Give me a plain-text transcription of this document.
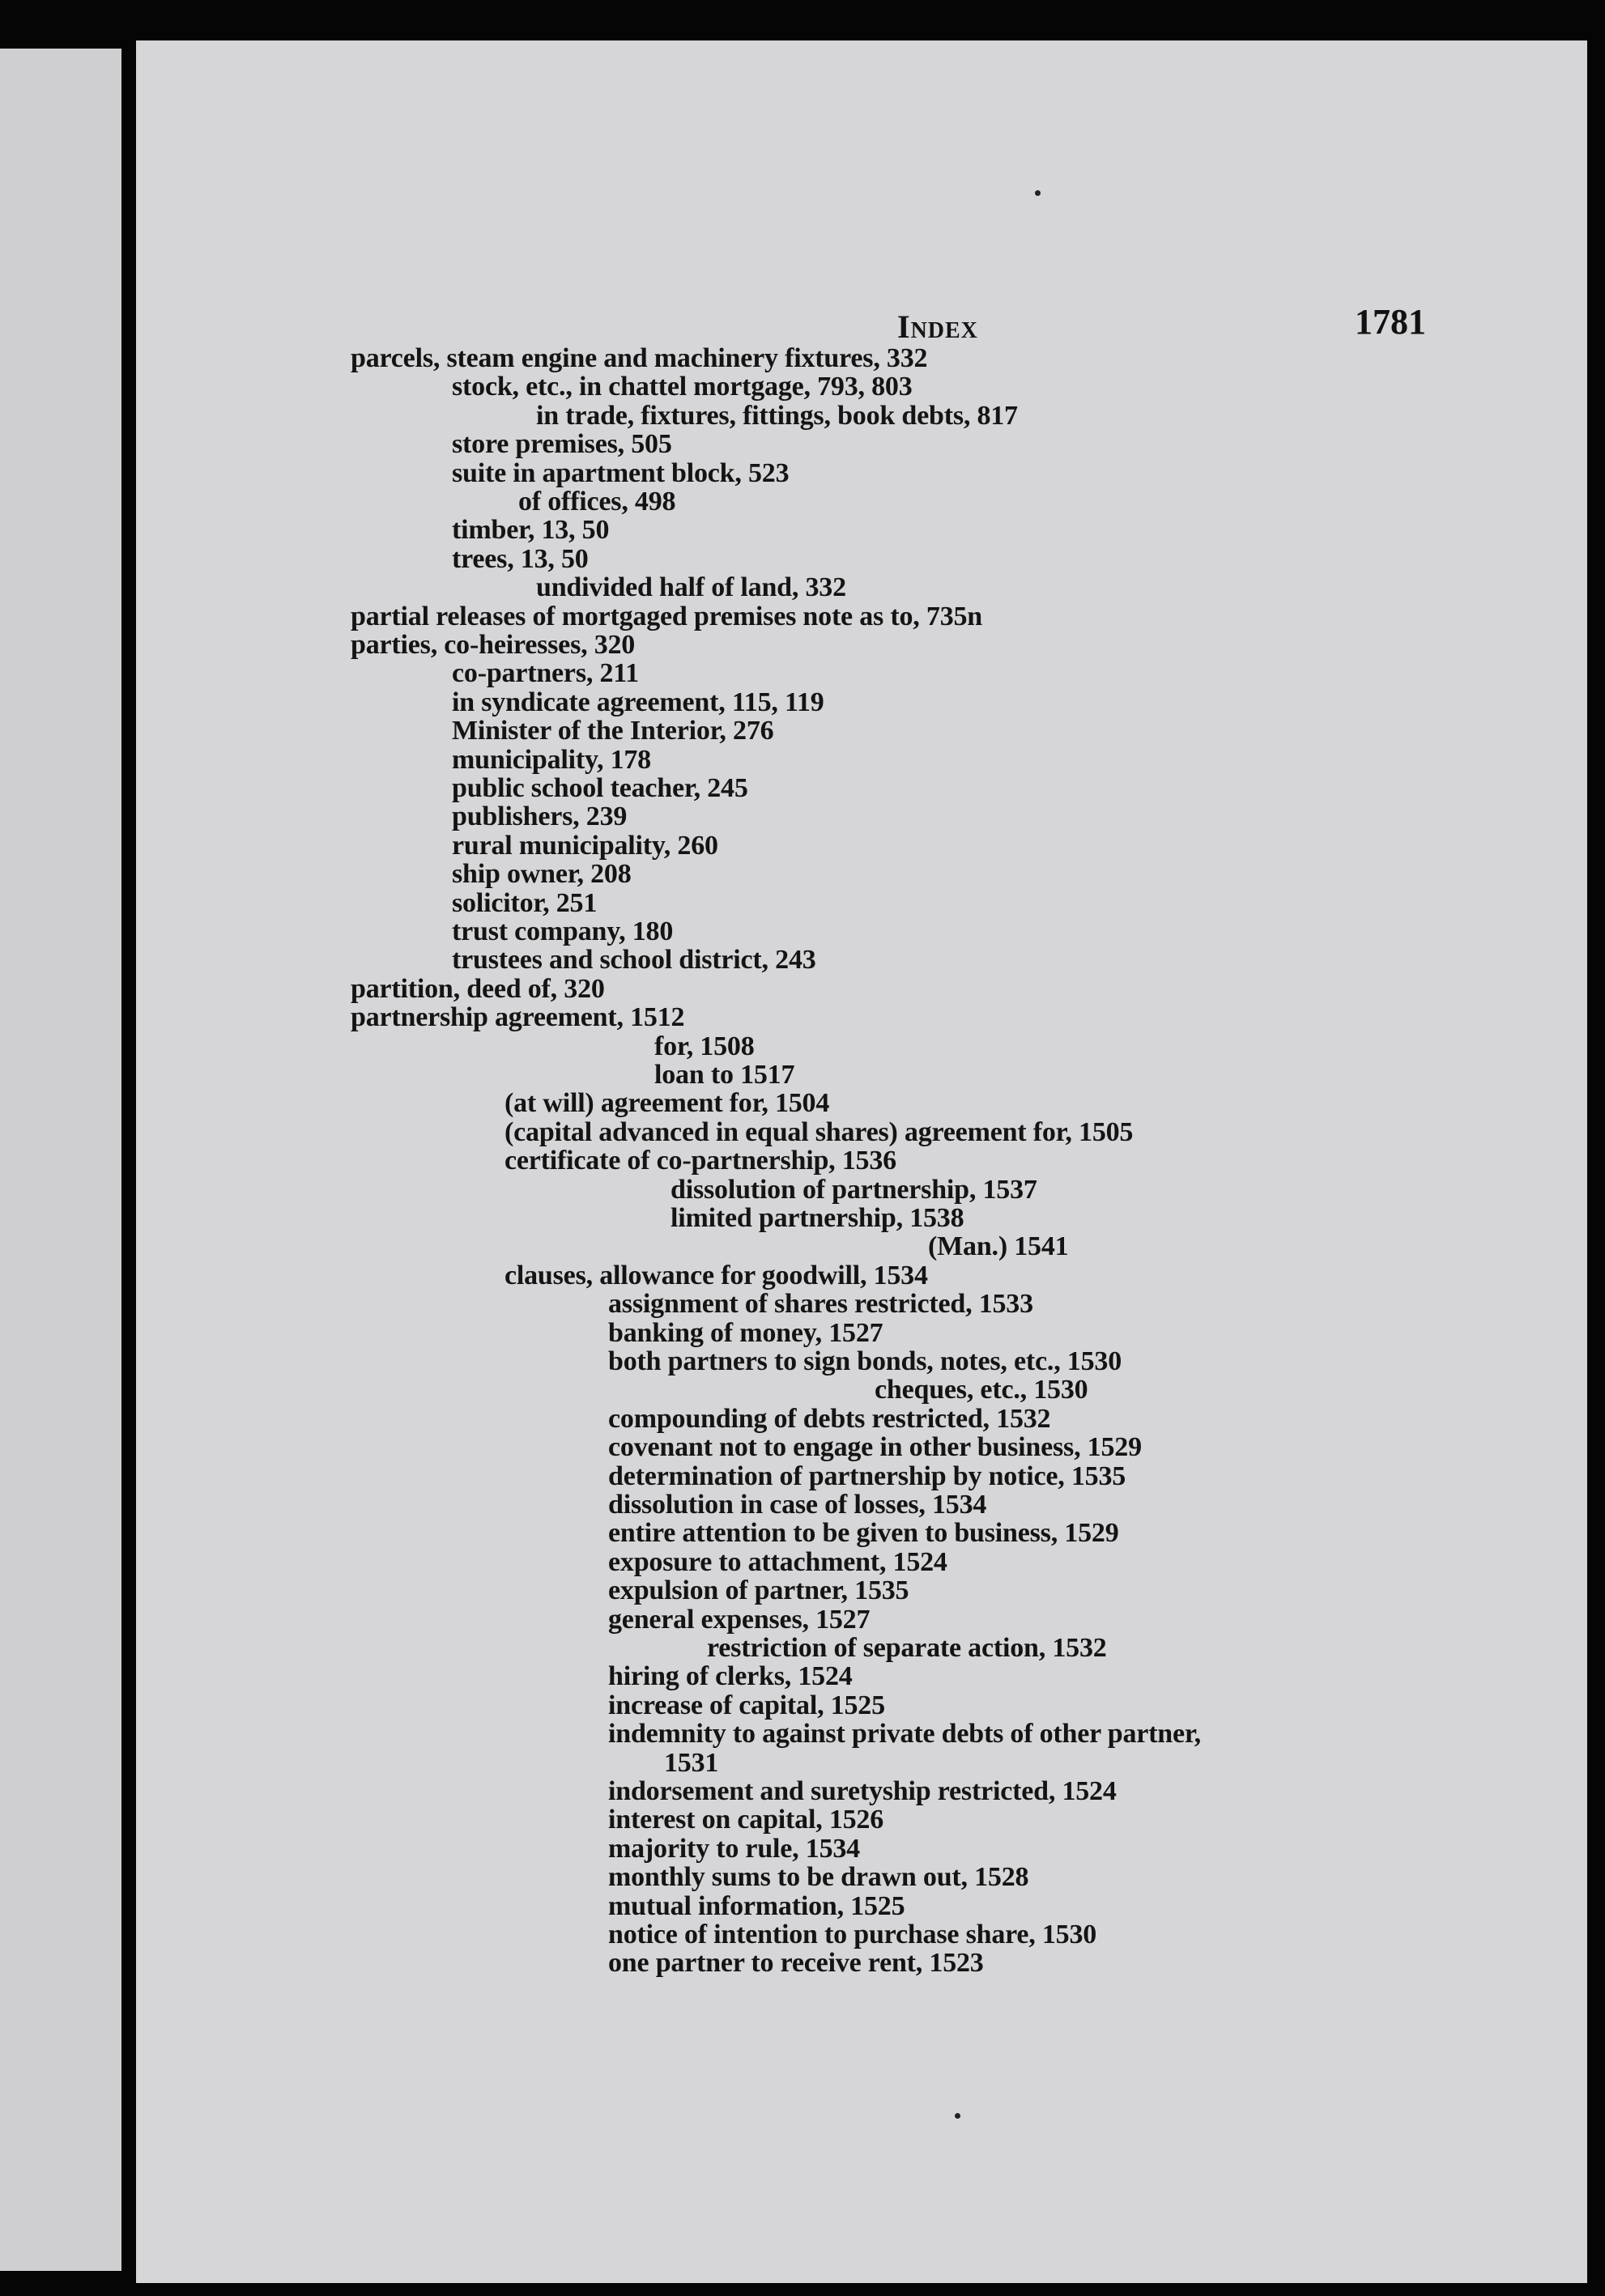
Index	1781
parcels, steam engine and machinery fixtures, 332
stock, etc., in chattel mortgage, 793, 803
in trade, fixtures, fittings, book debts, 817
store premises, 505
suite in apartment block, 523
of offices, 498
timber, 13, 50
trees, 13, 50
undivided half of land, 332
partial releases of mortgaged premises note as to, 735n
parties, co-heiresses, 320
co-partners, 211
in syndicate agreement, 115, 119
Minister of the Interior, 276
municipality, 178
public school teacher, 245
publishers, 239
rural municipality, 260
ship owner, 208
solicitor, 251
trust company, 180
trustees and school district, 243
partition, deed of, 320
partnership agreement, 1512
for, 1508
loan to 1517
(at will) agreement for, 1504
(capital advanced in equal shares) agreement for, 1505
certificate of co-partnership, 1536
dissolution of partnership, 1537
limited partnership, 1538
(Man.) 1541
clauses, allowance for goodwill, 1534
assignment of shares restricted, 1533
banking of money, 1527
both partners to sign bonds, notes, etc., 1530
cheques, etc., 1530
compounding of debts restricted, 1532
covenant not to engage in other business, 1529
determination of partnership by notice, 1535
dissolution in case of losses, 1534
entire attention to be given to business, 1529
exposure to attachment, 1524
expulsion of partner, 1535
general expenses, 1527
restriction of separate action, 1532
hiring of clerks, 1524
increase of capital, 1525
indemnity to against private debts of other partner,
1531
indorsement and suretyship restricted, 1524
interest on capital, 1526
majority to rule, 1534
monthly sums to be drawn out, 1528
mutual information, 1525
notice of intention to purchase share, 1530
one partner to receive rent, 1523
